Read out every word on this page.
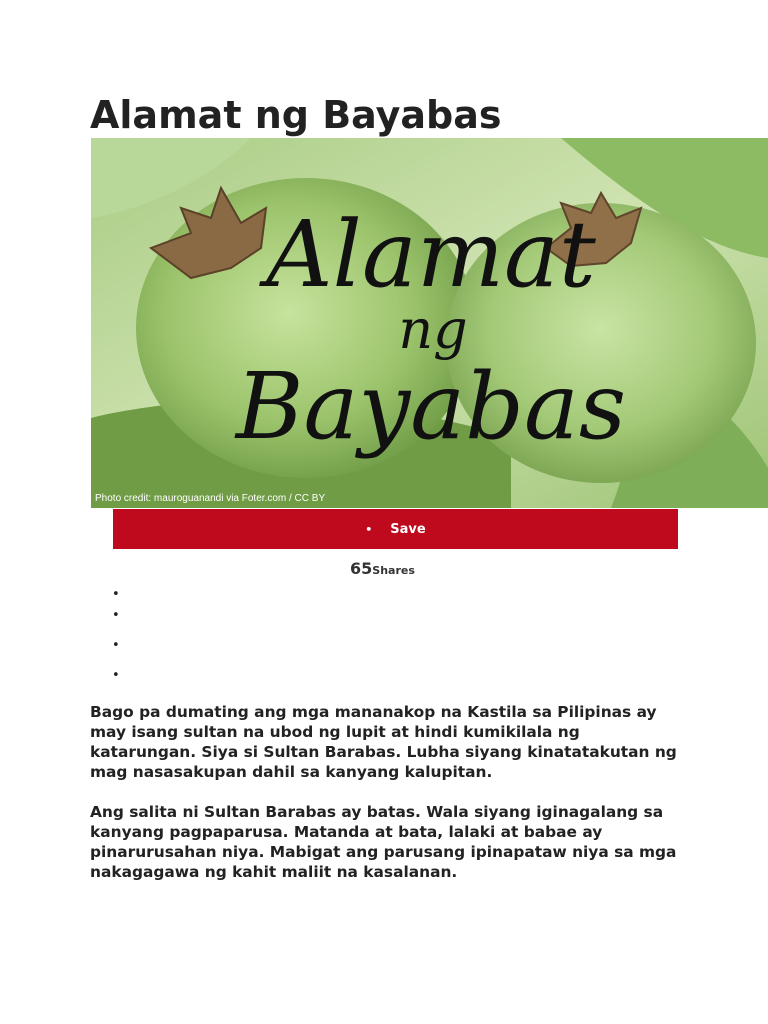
Alamat ng Bayabas
Alamat
ng
Bayabas
Photo credit: mauroguanandi via Foter.com / CC BY
• Save
65Shares
•
•
•
•

Bago pa dumating ang mga mananakop na Kastila sa Pilipinas ay may isang sultan na ubod ng lupit at hindi kumikilala ng katarungan. Siya si Sultan Barabas. Lubha siyang kinatatakutan ng mag nasasakupan dahil sa kanyang kalupitan.

Ang salita ni Sultan Barabas ay batas. Wala siyang iginagalang sa kanyang pagpaparusa. Matanda at bata, lalaki at babae ay pinarurusahan niya. Mabigat ang parusang ipinapataw niya sa mga nakagagawa ng kahit maliit na kasalanan.
